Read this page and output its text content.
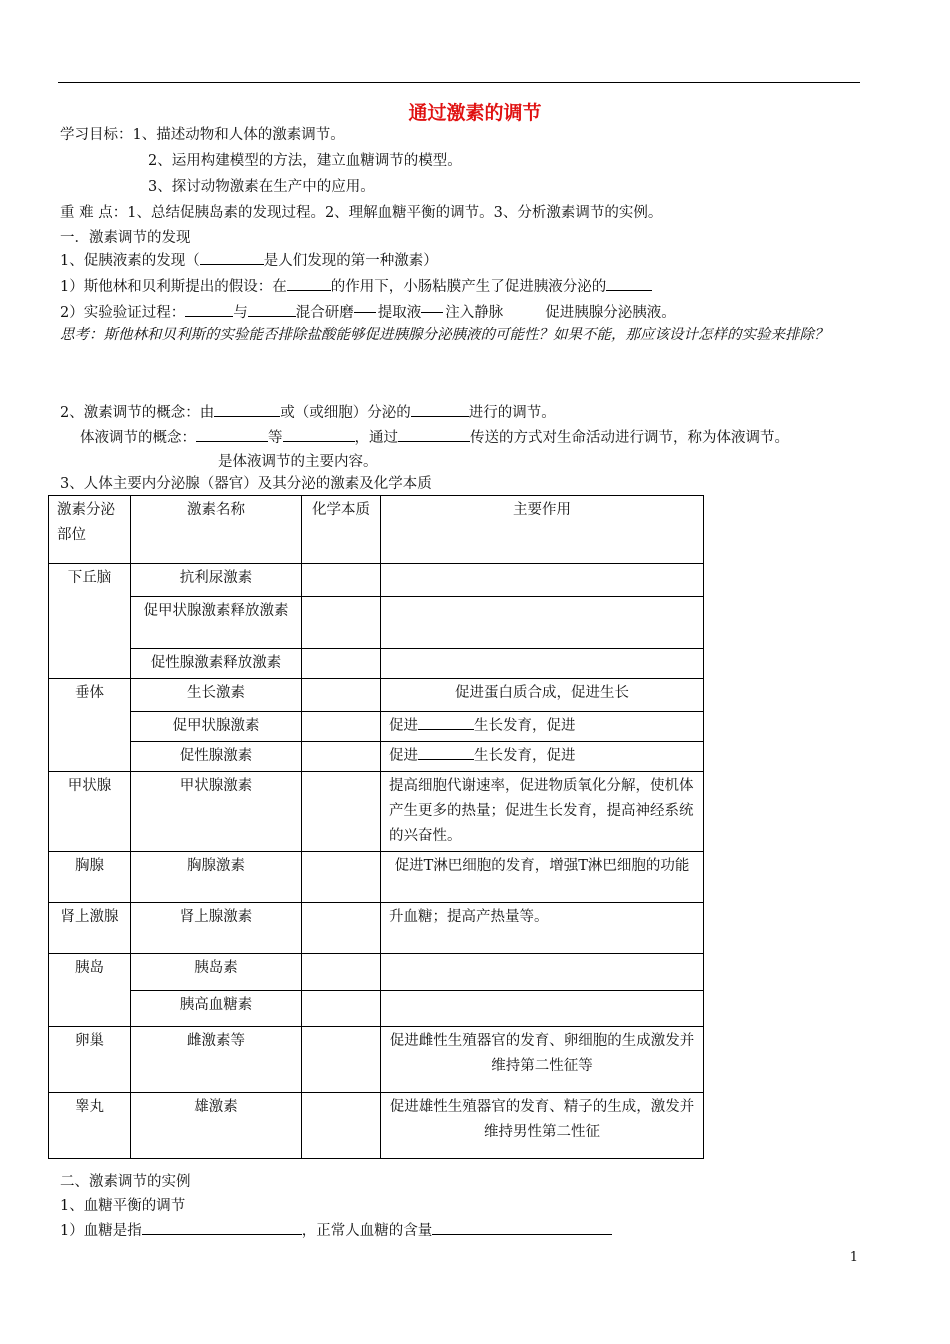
通过激素的调节
学习目标：1、描述动物和人体的激素调节。
2、运用构建模型的方法，建立血糖调节的模型。
3、探讨动物激素在生产中的应用。
重 难 点：1、总结促胰岛素的发现过程。2、理解血糖平衡的调节。3、分析激素调节的实例。
一．激素调节的发现
1、促胰液素的发现（	是人们发现的第一种激素）
1）斯他林和贝利斯提出的假设：在	的作用下，小肠粘膜产生了促进胰液分泌的
2）实验验证过程：	与	混合研磨 提取液 注入静脉	促进胰腺分泌胰液。
思考：斯他林和贝利斯的实验能否排除盐酸能够促进胰腺分泌胰液的可能性？如果不能，那应该设计怎样的实验来排除？
2、激素调节的概念：由	或（或细胞）分泌的	进行的调节。
体液调节的概念：	等	，通过	传送的方式对生命活动进行调节，称为体液调节。
是体液调节的主要内容。
3、人体主要内分泌腺（器官）及其分泌的激素及化学本质
激素分泌部位	激素名称	化学本质	主要作用
下丘脑	抗利尿激素		
	促甲状腺激素释放激素		
	促性腺激素释放激素		
垂体	生长激素		促进蛋白质合成，促进生长
	促甲状腺激素		促进 生长发育，促进
	促性腺激素		促进 生长发育，促进
甲状腺	甲状腺激素		提高细胞代谢速率，促进物质氧化分解，使机体产生更多的热量；促进生长发育，提高神经系统的兴奋性。
胸腺	胸腺激素		促进T淋巴细胞的发育，增强T淋巴细胞的功能
肾上激腺	肾上腺激素		升血糖；提高产热量等。
胰岛	胰岛素		
	胰高血糖素		
卵巢	雌激素等		促进雌性生殖器官的发育、卵细胞的生成激发并维持第二性征等
睾丸	雄激素		促进雄性生殖器官的发育、精子的生成，激发并维持男性第二性征
二、激素调节的实例
1、血糖平衡的调节
1）血糖是指	，正常人血糖的含量
1
